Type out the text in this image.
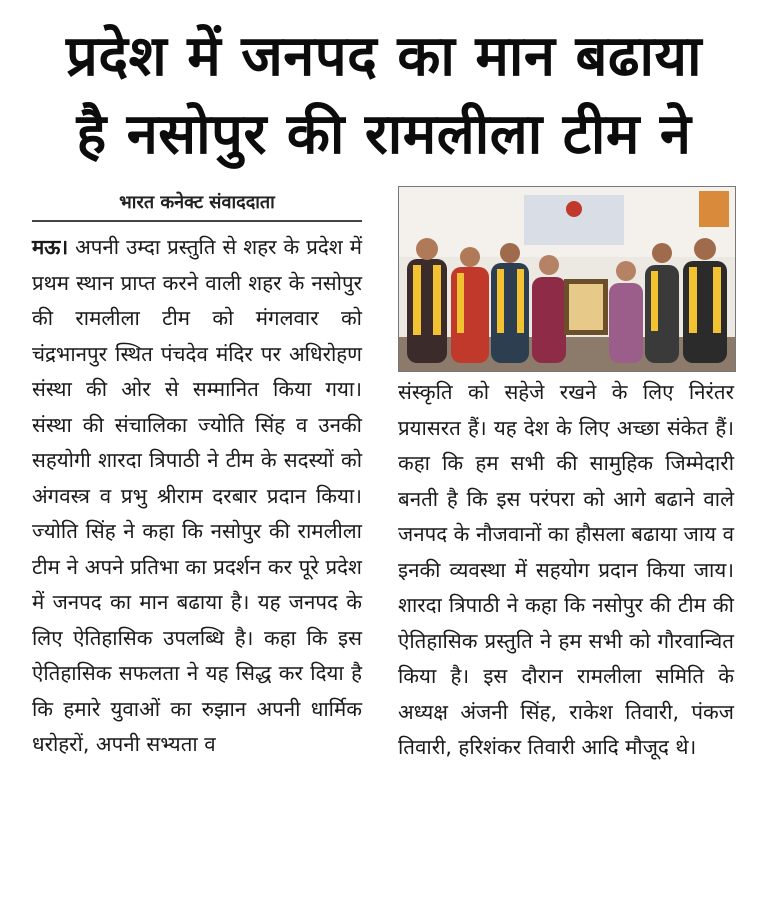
प्रदेश में जनपद का मान बढाया
है नसोपुर की रामलीला टीम ने
भारत कनेक्ट संवाददाता
मऊ। अपनी उम्दा प्रस्तुति से शहर के प्रदेश में प्रथम स्थान प्राप्त करने वाली शहर के नसोपुर की रामलीला टीम को मंगलवार को चंद्रभानपुर स्थित पंचदेव मंदिर पर अधिरोहण संस्था की ओर से सम्मानित किया गया। संस्था की संचालिका ज्योति सिंह व उनकी सहयोगी शारदा त्रिपाठी ने टीम के सदस्यों को अंगवस्त्र व प्रभु श्रीराम दरबार प्रदान किया। ज्योति सिंह ने कहा कि नसोपुर की रामलीला टीम ने अपने प्रतिभा का प्रदर्शन कर पूरे प्रदेश में जनपद का मान बढाया है। यह जनपद के लिए ऐतिहासिक उपलब्धि है। कहा कि इस ऐतिहासिक सफलता ने यह सिद्ध कर दिया है कि हमारे युवाओं का रुझान अपनी धार्मिक धरोहरों, अपनी सभ्यता व
संस्कृति को सहेजे रखने के लिए निरंतर प्रयासरत हैं। यह देश के लिए अच्छा संकेत हैं। कहा कि हम सभी की सामुहिक जिम्मेदारी बनती है कि इस परंपरा को आगे बढाने वाले जनपद के नौजवानों का हौसला बढाया जाय व इनकी व्यवस्था में सहयोग प्रदान किया जाय। शारदा त्रिपाठी ने कहा कि नसोपुर की टीम की ऐतिहासिक प्रस्तुति ने हम सभी को गौरवान्वित किया है। इस दौरान रामलीला समिति के अध्यक्ष अंजनी सिंह, राकेश तिवारी, पंकज तिवारी, हरिशंकर तिवारी आदि मौजूद थे।
